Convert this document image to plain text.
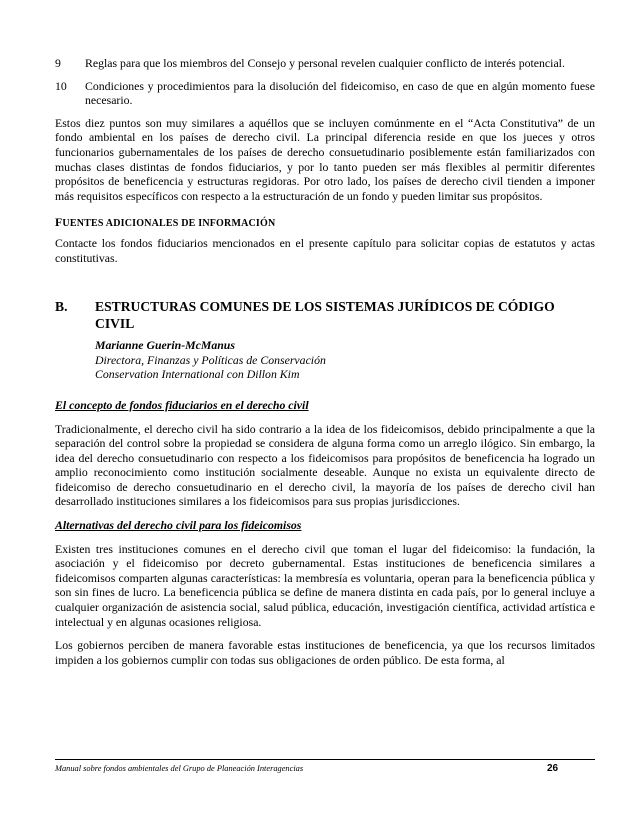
9	Reglas para que los miembros del Consejo y personal revelen cualquier conflicto de interés potencial.
10	Condiciones y procedimientos para la disolución del fideicomiso, en caso de que en algún momento fuese necesario.

Estos diez puntos son muy similares a aquéllos que se incluyen comúnmente en el “Acta Constitutiva” de un fondo ambiental en los países de derecho civil. La principal diferencia reside en que los jueces y otros funcionarios gubernamentales de los países de derecho consuetudinario posiblemente están familiarizados con muchas clases distintas de fondos fiduciarios, y por lo tanto pueden ser más flexibles al permitir diferentes propósitos de beneficencia y estructuras regidoras. Por otro lado, los países de derecho civil tienden a imponer más requisitos específicos con respecto a la estructuración de un fondo y pueden limitar sus propósitos.

FUENTES ADICIONALES DE INFORMACIÓN

Contacte los fondos fiduciarios mencionados en el presente capítulo para solicitar copias de estatutos y actas constitutivas.

B.	ESTRUCTURAS COMUNES DE LOS SISTEMAS JURÍDICOS DE CÓDIGO CIVIL
Marianne Guerin-McManus
Directora, Finanzas y Políticas de Conservación
Conservation International con Dillon Kim
El concepto de fondos fiduciarios en el derecho civil

Tradicionalmente, el derecho civil ha sido contrario a la idea de los fideicomisos, debido principalmente a que la separación del control sobre la propiedad se considera de alguna forma como un arreglo ilógico. Sin embargo, la idea del derecho consuetudinario con respecto a los fideicomisos para propósitos de beneficencia ha logrado un amplio reconocimiento como institución socialmente deseable. Aunque no exista un equivalente directo de fideicomiso de derecho consuetudinario en el derecho civil, la mayoría de los países de derecho civil han desarrollado instituciones similares a los fideicomisos para sus propias jurisdicciones.

Alternativas del derecho civil para los fideicomisos

Existen tres instituciones comunes en el derecho civil que toman el lugar del fideicomiso: la fundación, la asociación y el fideicomiso por decreto gubernamental. Estas instituciones de beneficencia similares a fideicomisos comparten algunas características: la membresía es voluntaria, operan para la beneficencia pública y son sin fines de lucro. La beneficencia pública se define de manera distinta en cada país, por lo general incluye a cualquier organización de asistencia social, salud pública, educación, investigación científica, actividad artística e intelectual y en algunas ocasiones religiosa.

Los gobiernos perciben de manera favorable estas instituciones de beneficencia, ya que los recursos limitados impiden a los gobiernos cumplir con todas sus obligaciones de orden público. De esta forma, al

Manual sobre fondos ambientales del Grupo de Planeación Interagencias	26
